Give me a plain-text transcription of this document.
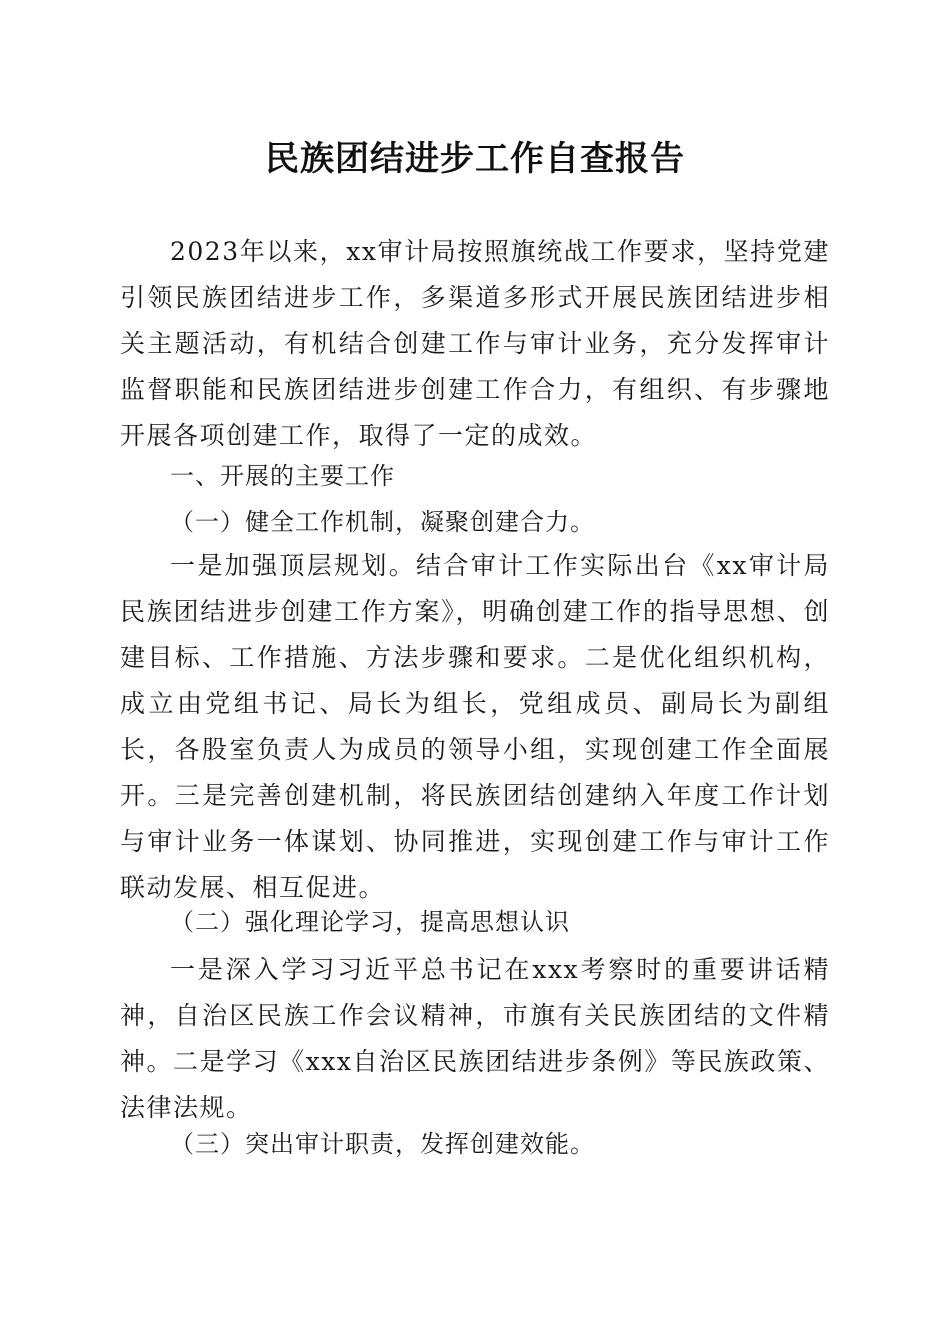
民族团结进步工作自查报告

2023年以来，xx审计局按照旗统战工作要求，坚持党建引领民族团结进步工作，多渠道多形式开展民族团结进步相关主题活动，有机结合创建工作与审计业务，充分发挥审计监督职能和民族团结进步创建工作合力，有组织、有步骤地开展各项创建工作，取得了一定的成效。

一、开展的主要工作

（一）健全工作机制，凝聚创建合力。

一是加强顶层规划。结合审计工作实际出台《xx审计局民族团结进步创建工作方案》，明确创建工作的指导思想、创建目标、工作措施、方法步骤和要求。二是优化组织机构，成立由党组书记、局长为组长，党组成员、副局长为副组长，各股室负责人为成员的领导小组，实现创建工作全面展开。三是完善创建机制，将民族团结创建纳入年度工作计划与审计业务一体谋划、协同推进，实现创建工作与审计工作联动发展、相互促进。

（二）强化理论学习，提高思想认识

一是深入学习习近平总书记在xxx考察时的重要讲话精神，自治区民族工作会议精神，市旗有关民族团结的文件精神。二是学习《xxx自治区民族团结进步条例》等民族政策、法律法规。

（三）突出审计职责，发挥创建效能。
